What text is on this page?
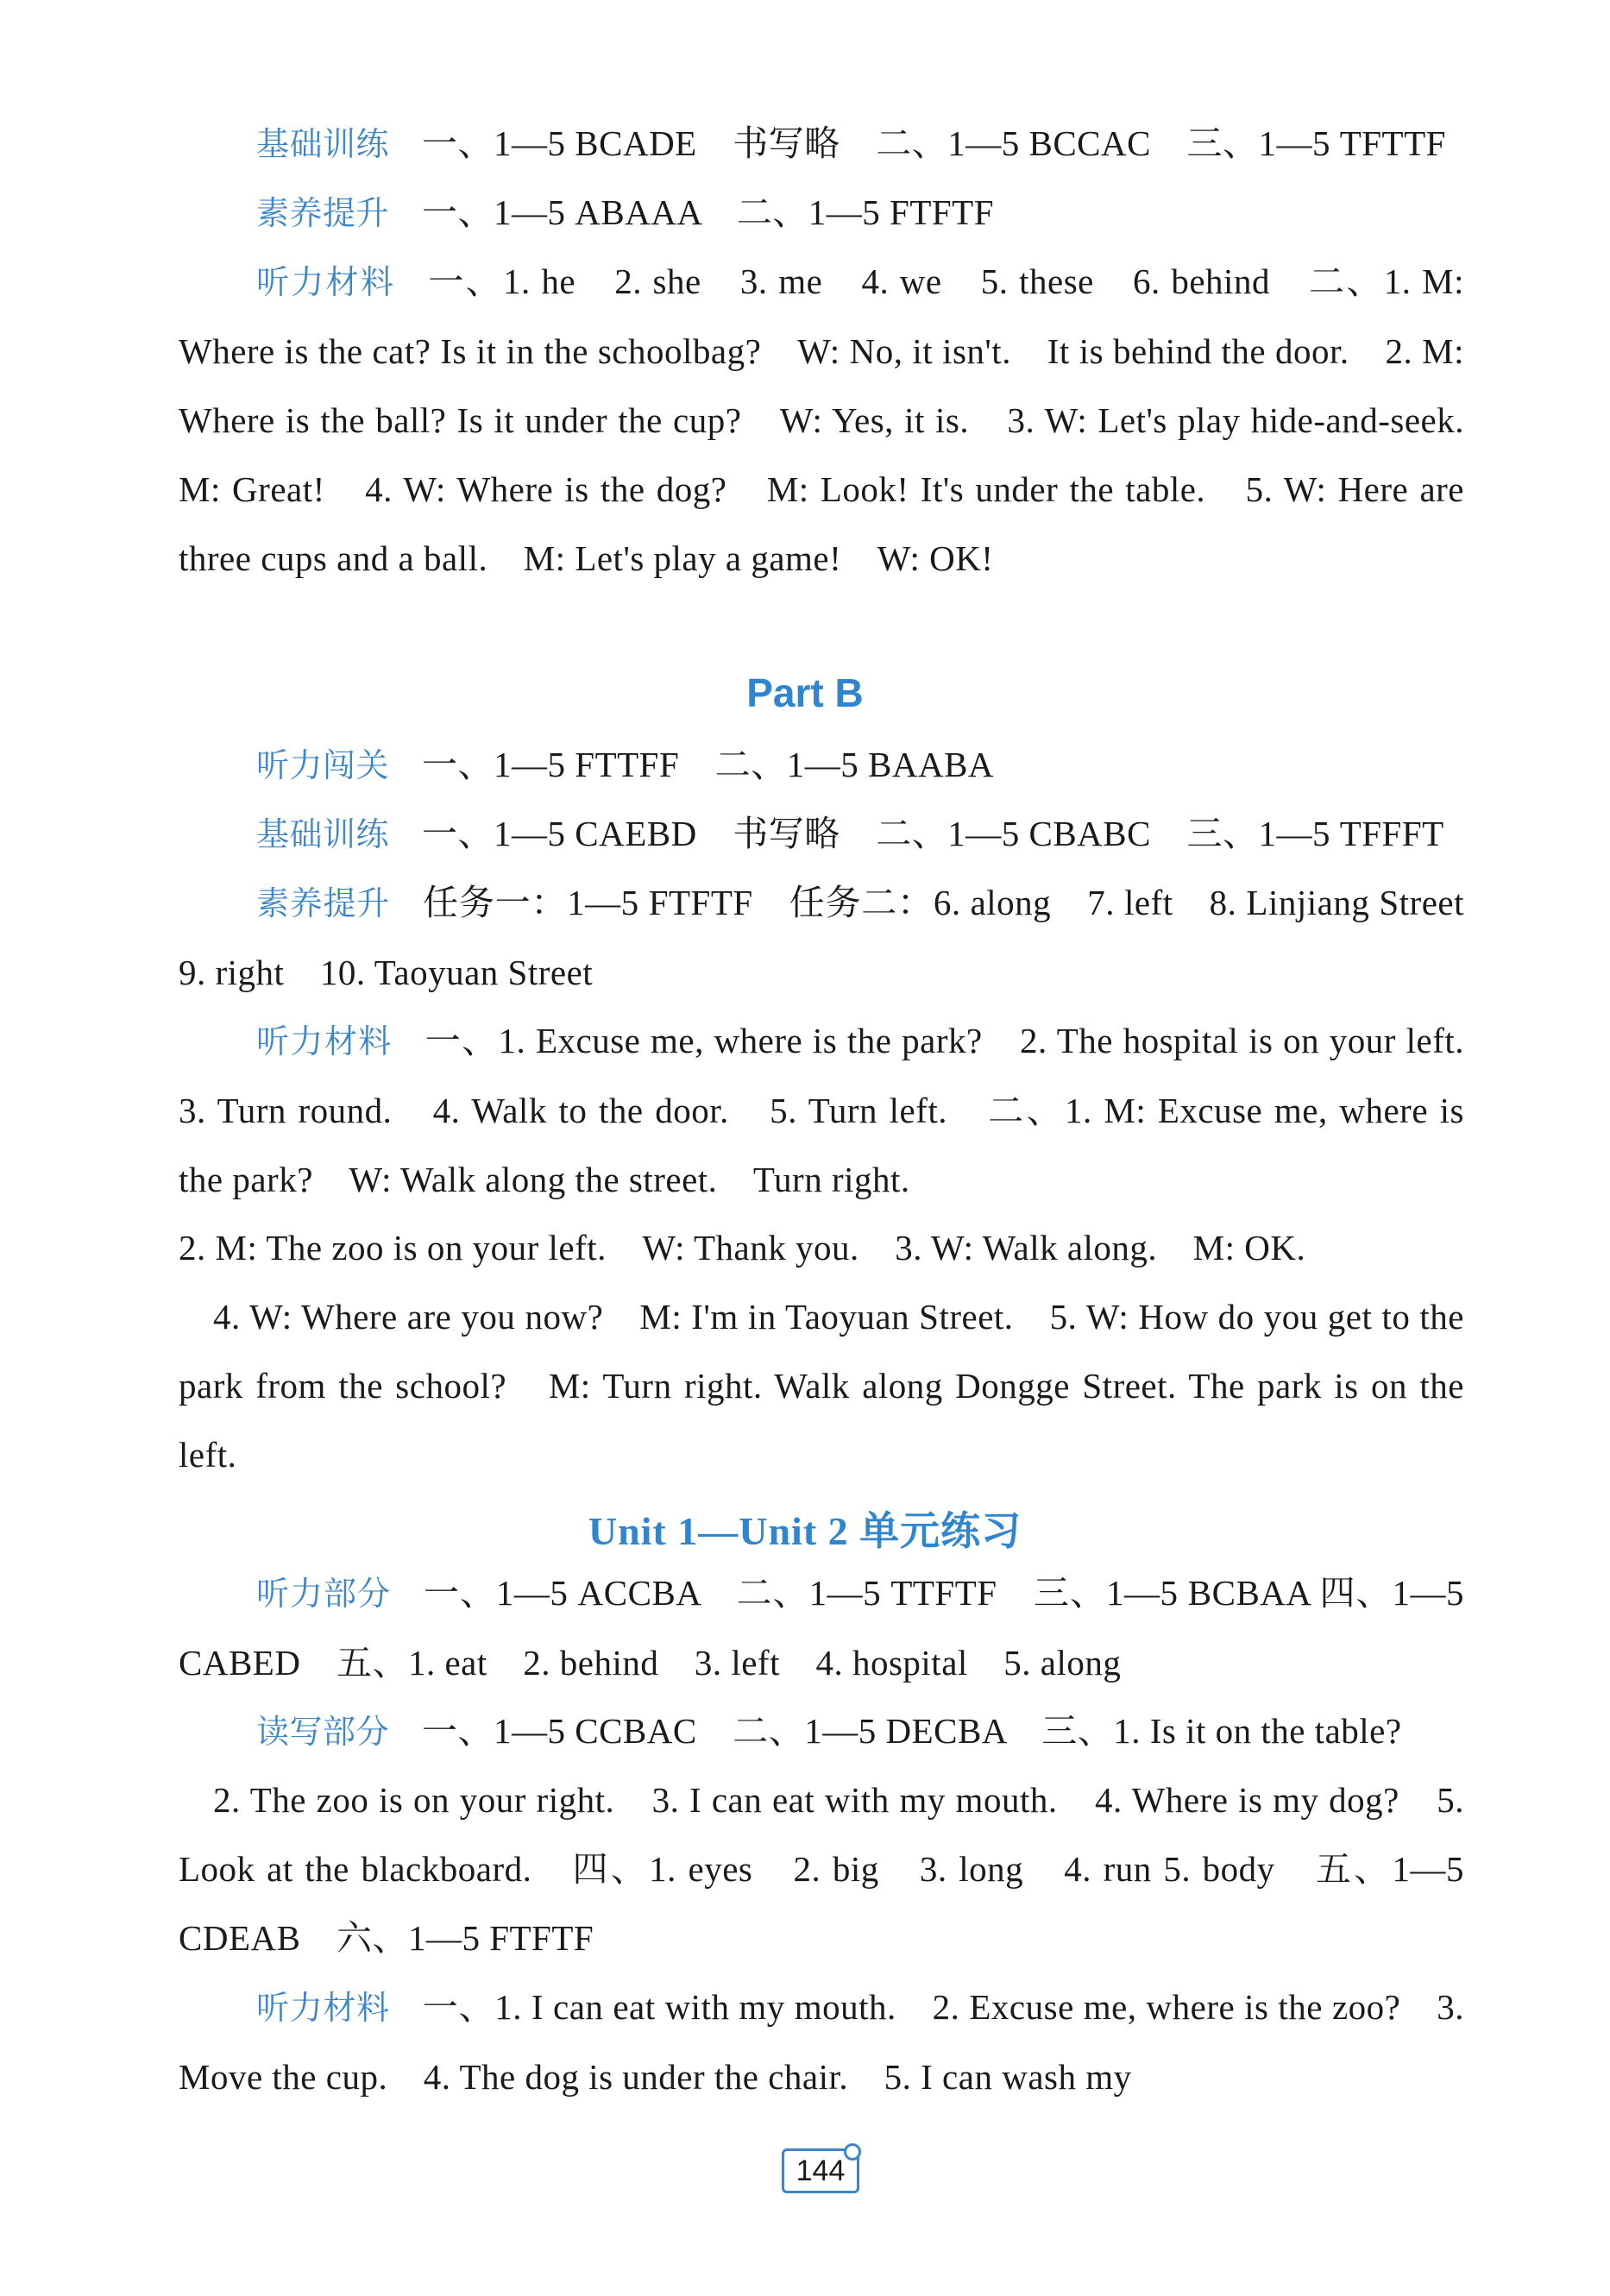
基础训练 一、1—5 BCADE　书写略　二、1—5 BCCAC　三、1—5 TFTTF

素养提升 一、1—5 ABAAA　二、1—5 FTFTF

听力材料 一、1. he　2. she　3. me　4. we　5. these　6. behind　二、1. M: Where is the cat? Is it in the schoolbag?　W: No, it isn't.　It is behind the door.　2. M: Where is the ball? Is it under the cup?　W: Yes, it is.　3. W: Let's play hide-and-seek.　M: Great!　4. W: Where is the dog?　M: Look! It's under the table.　5. W: Here are three cups and a ball.　M: Let's play a game!　W: OK!

Part B

听力闯关 一、1—5 FTTFF　二、1—5 BAABA

基础训练 一、1—5 CAEBD　书写略　二、1—5 CBABC　三、1—5 TFFFT

素养提升 任务一：1—5 FTFTF　任务二：6. along　7. left　8. Linjiang Street　9. right　10. Taoyuan Street

听力材料 一、1. Excuse me, where is the park?　2. The hospital is on your left.　3. Turn round.　4. Walk to the door.　5. Turn left.　二、1. M: Excuse me, where is the park?　W: Walk along the street.　Turn right.

2. M: The zoo is on your left.　W: Thank you.　3. W: Walk along.　M: OK.

4. W: Where are you now?　M: I'm in Taoyuan Street.　5. W: How do you get to the park from the school?　M: Turn right. Walk along Dongge Street. The park is on the left.

Unit 1—Unit 2 单元练习

听力部分 一、1—5 ACCBA　二、1—5 TTFTF　三、1—5 BCBAA 四、1—5 CABED　五、1. eat　2. behind　3. left　4. hospital　5. along

读写部分 一、1—5 CCBAC　二、1—5 DECBA　三、1. Is it on the table?

2. The zoo is on your right.　3. I can eat with my mouth.　4. Where is my dog?　5. Look at the blackboard.　四、1. eyes　2. big　3. long　4. run 5. body　五、1—5 CDEAB　六、1—5 FTFTF

听力材料 一、1. I can eat with my mouth.　2. Excuse me, where is the zoo?　3. Move the cup.　4. The dog is under the chair.　5. I can wash my

144
